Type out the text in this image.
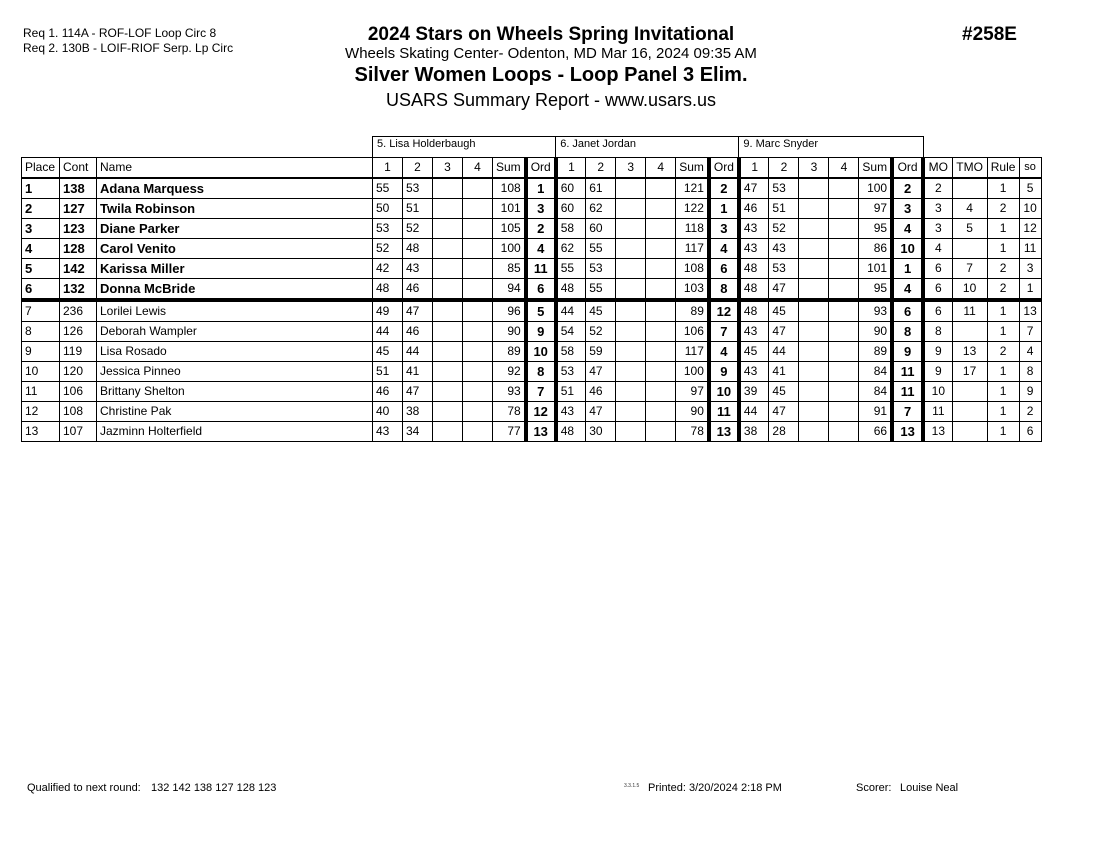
Req 1. 114A - ROF-LOF Loop Circ 8
Req 2. 130B - LOIF-RIOF Serp. Lp Circ
2024 Stars on Wheels Spring Invitational
Wheels Skating Center- Odenton, MD Mar 16, 2024 09:35 AM
Silver Women Loops - Loop Panel 3 Elim.
USARS Summary Report - www.usars.us
#258E
			5. Lisa Holderbaugh						6. Janet Jordan						9. Marc Snyder									
Place	Cont	Name	1	2	3	4	Sum	Ord	1	2	3	4	Sum	Ord	1	2	3	4	Sum	Ord	MO	TMO	Rule	so
1	138	Adana Marquess	55	53			108	1	60	61			121	2	47	53			100	2	2		1	5
2	127	Twila Robinson	50	51			101	3	60	62			122	1	46	51			97	3	3	4	2	10
3	123	Diane Parker	53	52			105	2	58	60			118	3	43	52			95	4	3	5	1	12
4	128	Carol Venito	52	48			100	4	62	55			117	4	43	43			86	10	4		1	11
5	142	Karissa Miller	42	43			85	11	55	53			108	6	48	53			101	1	6	7	2	3
6	132	Donna McBride	48	46			94	6	48	55			103	8	48	47			95	4	6	10	2	1
7	236	Lorilei Lewis	49	47			96	5	44	45			89	12	48	45			93	6	6	11	1	13
8	126	Deborah Wampler	44	46			90	9	54	52			106	7	43	47			90	8	8		1	7
9	119	Lisa Rosado	45	44			89	10	58	59			117	4	45	44			89	9	9	13	2	4
10	120	Jessica Pinneo	51	41			92	8	53	47			100	9	43	41			84	11	9	17	1	8
11	106	Brittany Shelton	46	47			93	7	51	46			97	10	39	45			84	11	10		1	9
12	108	Christine Pak	40	38			78	12	43	47			90	11	44	47			91	7	11		1	2
13	107	Jazminn Holterfield	43	34			77	13	48	30			78	13	38	28			66	13	13		1	6
Qualified to next round: 132 142 138 127 128 123	3.3.1.5 Printed: 3/20/2024 2:18 PM	Scorer: Louise Neal
